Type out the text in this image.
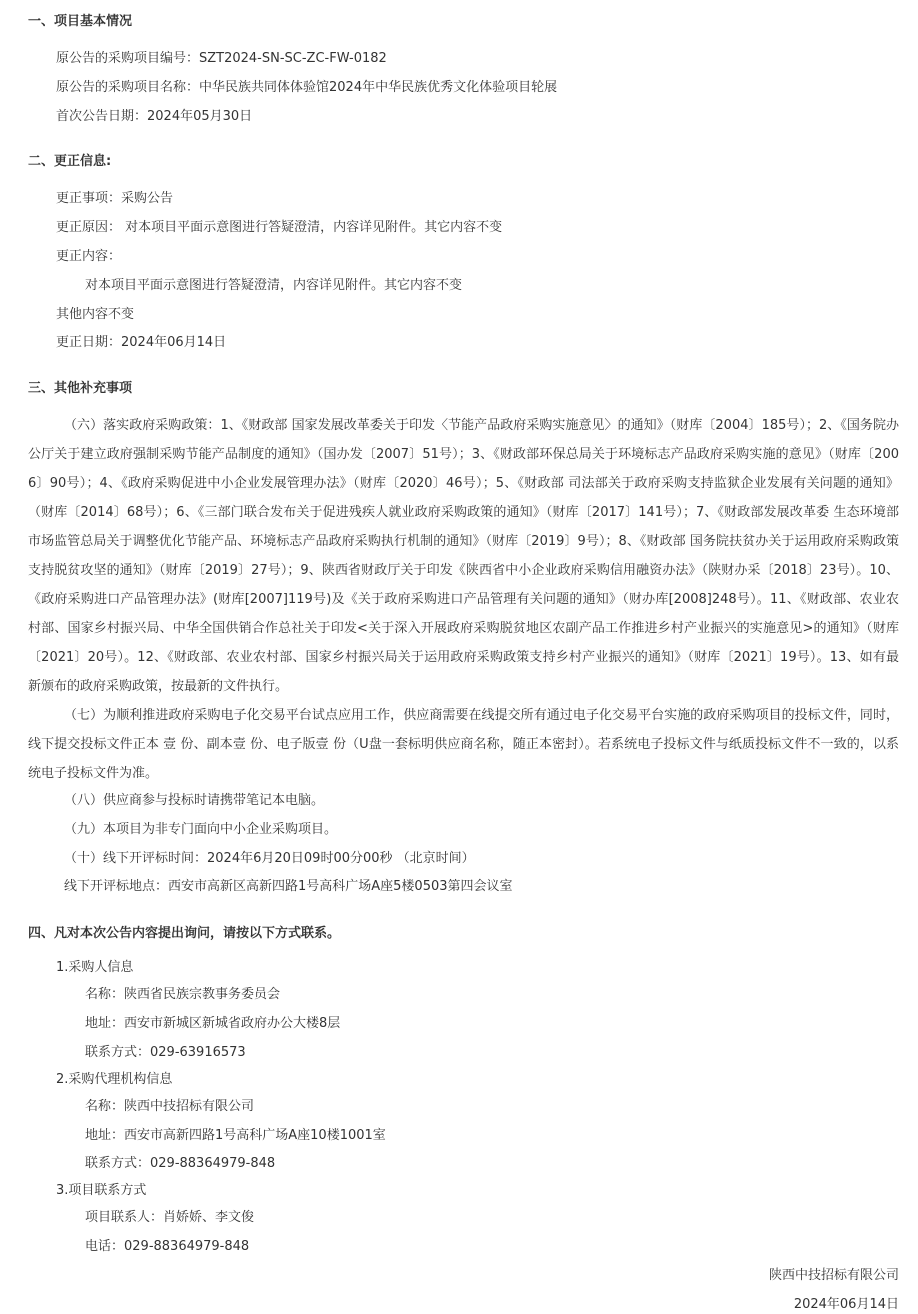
一、项目基本情况
原公告的采购项目编号：SZT2024-SN-SC-ZC-FW-0182
原公告的采购项目名称：中华民族共同体体验馆2024年中华民族优秀文化体验项目轮展
首次公告日期：2024年05月30日
二、更正信息:
更正事项：采购公告
更正原因： 对本项目平面示意图进行答疑澄清，内容详见附件。其它内容不变
更正内容：
对本项目平面示意图进行答疑澄清，内容详见附件。其它内容不变
其他内容不变
更正日期：2024年06月14日
三、其他补充事项
（六）落实政府采购政策：1、《财政部 国家发展改革委关于印发〈节能产品政府采购实施意见〉的通知》（财库〔2004〕185号）；2、《国务院办公厅关于建立政府强制采购节能产品制度的通知》（国办发〔2007〕51号）；3、《财政部环保总局关于环境标志产品政府采购实施的意见》（财库〔2006〕90号）；4、《政府采购促进中小企业发展管理办法》（财库〔2020〕46号）；5、《财政部 司法部关于政府采购支持监狱企业发展有关问题的通知》（财库〔2014〕68号）；6、《三部门联合发布关于促进残疾人就业政府采购政策的通知》（财库〔2017〕141号）；7、《财政部发展改革委 生态环境部 市场监管总局关于调整优化节能产品、环境标志产品政府采购执行机制的通知》（财库〔2019〕9号）；8、《财政部 国务院扶贫办关于运用政府采购政策支持脱贫攻坚的通知》（财库〔2019〕27号）；9、陕西省财政厅关于印发《陕西省中小企业政府采购信用融资办法》（陕财办采〔2018〕23号）。10、《政府采购进口产品管理办法》(财库[2007]119号)及《关于政府采购进口产品管理有关问题的通知》（财办库[2008]248号）。11、《财政部、农业农村部、国家乡村振兴局、中华全国供销合作总社关于印发<关于深入开展政府采购脱贫地区农副产品工作推进乡村产业振兴的实施意见>的通知》（财库〔2021〕20号）。12、《财政部、农业农村部、国家乡村振兴局关于运用政府采购政策支持乡村产业振兴的通知》（财库〔2021〕19号）。13、如有最新颁布的政府采购政策，按最新的文件执行。
（七）为顺利推进政府采购电子化交易平台试点应用工作，供应商需要在线提交所有通过电子化交易平台实施的政府采购项目的投标文件，同时，线下提交投标文件正本 壹 份、副本壹 份、电子版壹 份（U盘一套标明供应商名称，随正本密封）。若系统电子投标文件与纸质投标文件不一致的，以系统电子投标文件为准。
（八）供应商参与投标时请携带笔记本电脑。
（九）本项目为非专门面向中小企业采购项目。
（十）线下开评标时间：2024年6月20日09时00分00秒 （北京时间）
线下开评标地点：西安市高新区高新四路1号高科广场A座5楼0503第四会议室
四、凡对本次公告内容提出询问，请按以下方式联系。
1.采购人信息
名称：陕西省民族宗教事务委员会
地址：西安市新城区新城省政府办公大楼8层
联系方式：029-63916573
2.采购代理机构信息
名称：陕西中技招标有限公司
地址：西安市高新四路1号高科广场A座10楼1001室
联系方式：029-88364979-848
3.项目联系方式
项目联系人：肖娇娇、李文俊
电话：029-88364979-848
陕西中技招标有限公司
2024年06月14日
